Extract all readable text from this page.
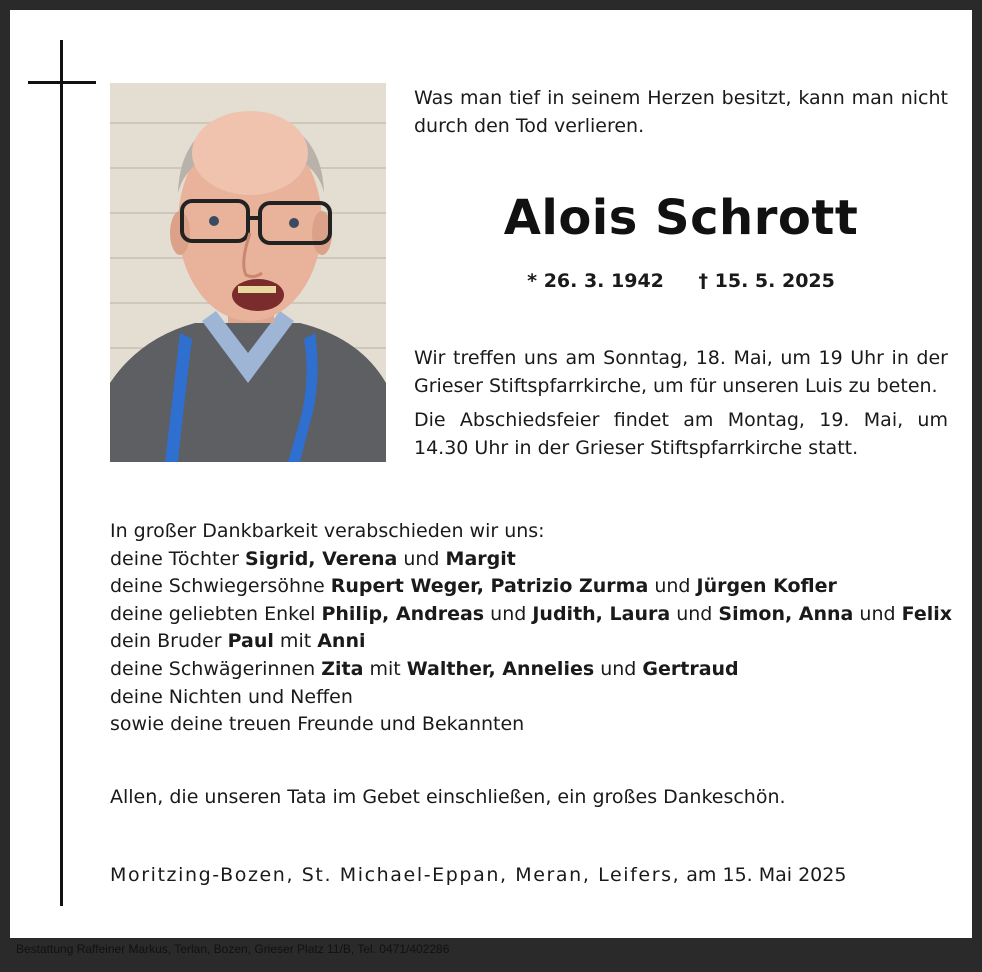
Was man tief in seinem Herzen besitzt, kann man nicht durch den Tod verlieren.
Alois Schrott
* 26. 3. 1942 † 15. 5. 2025
Wir treffen uns am Sonntag, 18. Mai, um 19 Uhr in der Grieser Stiftspfarrkirche, um für unseren Luis zu beten.
Die Abschiedsfeier findet am Montag, 19. Mai, um 14.30 Uhr in der Grieser Stiftspfarrkirche statt.
In großer Dankbarkeit verabschieden wir uns:
deine Töchter Sigrid, Verena und Margit
deine Schwiegersöhne Rupert Weger, Patrizio Zurma und Jürgen Kofler
deine geliebten Enkel Philip, Andreas und Judith, Laura und Simon, Anna und Felix
dein Bruder Paul mit Anni
deine Schwägerinnen Zita mit Walther, Annelies und Gertraud
deine Nichten und Neffen
sowie deine treuen Freunde und Bekannten
Allen, die unseren Tata im Gebet einschließen, ein großes Dankeschön.
Moritzing-Bozen, St. Michael-Eppan, Meran, Leifers, am 15. Mai 2025
Bestattung Raffeiner Markus, Terlan, Bozen, Grieser Platz 11/B, Tel. 0471/402286
